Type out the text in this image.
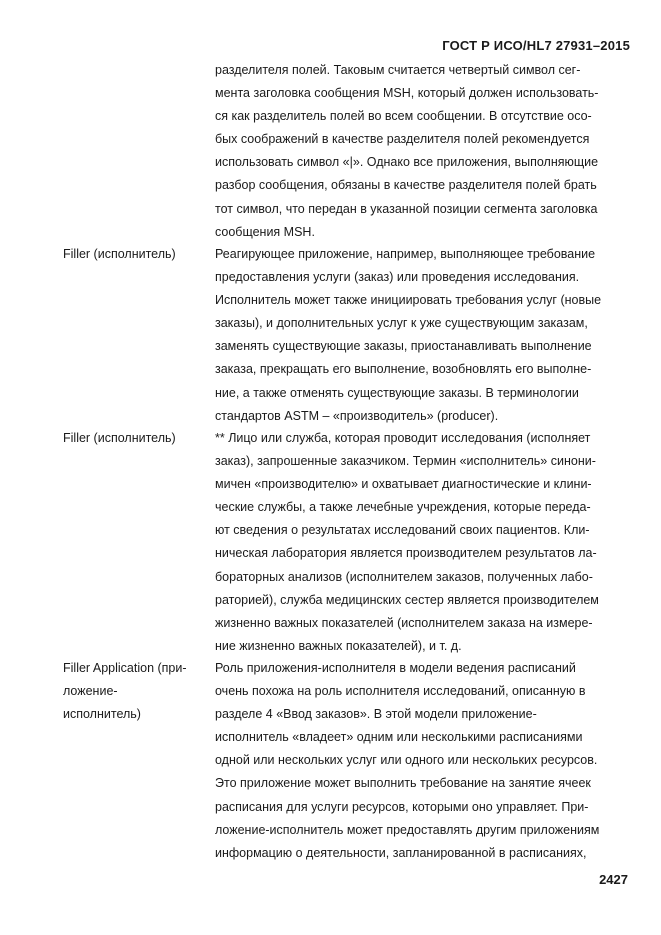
ГОСТ Р ИСО/HL7 27931–2015
разделителя полей. Таковым считается четвертый символ сег-
мента заголовка сообщения MSH, который должен использовать-
ся как разделитель полей во всем сообщении. В отсутствие осо-
бых соображений в качестве разделителя полей рекомендуется
использовать символ «|». Однако все приложения, выполняющие
разбор сообщения, обязаны в качестве разделителя полей брать
тот символ, что передан в указанной позиции сегмента заголовка
сообщения MSH.
Filler (исполнитель)	Реагирующее приложение, например, выполняющее требование
предоставления услуги (заказ) или проведения исследования.
Исполнитель может также инициировать требования услуг (новые
заказы), и дополнительных услуг к уже существующим заказам,
заменять существующие заказы, приостанавливать выполнение
заказа, прекращать его выполнение, возобновлять его выполне-
ние, а также отменять существующие заказы. В терминологии
стандартов ASTM – «производитель» (producer).
Filler (исполнитель)	** Лицо или служба, которая проводит исследования (исполняет
заказ), запрошенные заказчиком. Термин «исполнитель» синони-
мичен «производителю» и охватывает диагностические и клини-
ческие службы, а также лечебные учреждения, которые переда-
ют сведения о результатах исследований своих пациентов. Кли-
ническая лаборатория является производителем результатов ла-
бораторных анализов (исполнителем заказов, полученных лабо-
раторией), служба медицинских сестер является производителем
жизненно важных показателей (исполнителем заказа на измере-
ние жизненно важных показателей), и т. д.
Filler Application (при-
ложение-
исполнитель)
Роль приложения-исполнителя в модели ведения расписаний
очень похожа на роль исполнителя исследований, описанную в
разделе 4 «Ввод заказов». В этой модели приложение-
исполнитель «владеет» одним или несколькими расписаниями
одной или нескольких услуг или одного или нескольких ресурсов.
Это приложение может выполнить требование на занятие ячеек
расписания для услуги ресурсов, которыми оно управляет. При-
ложение-исполнитель может предоставлять другим приложениям
информацию о деятельности, запланированной в расписаниях,
2427
